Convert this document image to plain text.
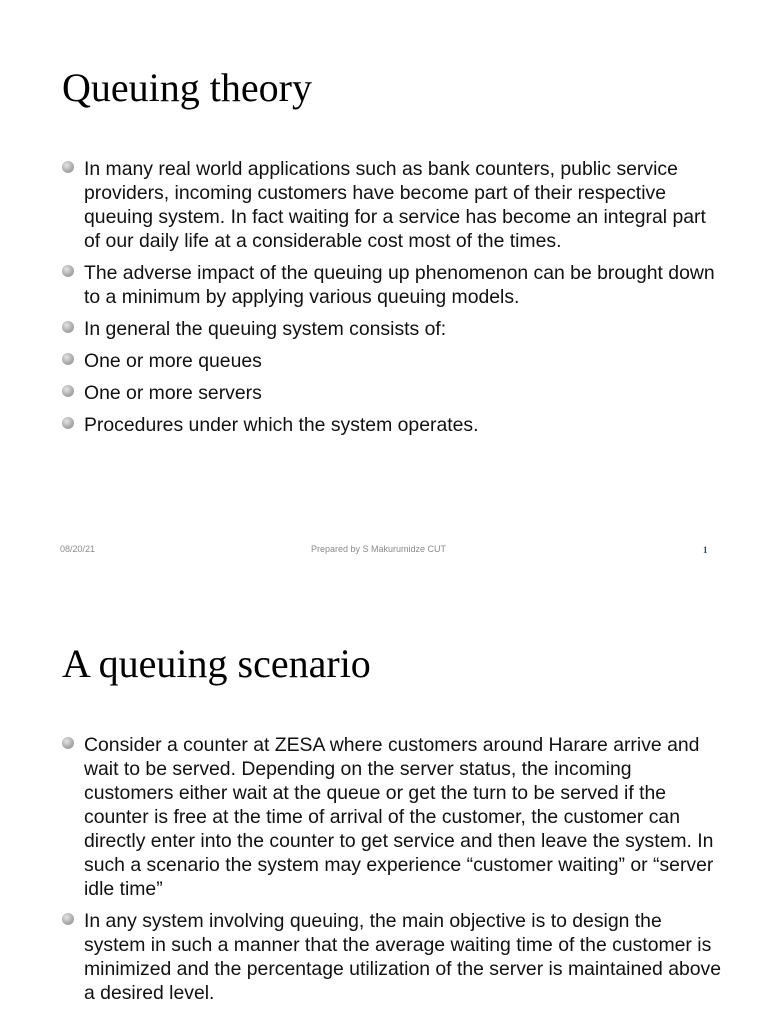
Queuing theory
In many real world applications such as bank counters, public service providers, incoming customers have become part of their respective queuing system. In fact waiting for a service has become an integral part of our daily life at a considerable cost most of the times.
The adverse impact of the queuing up phenomenon can be brought down to a minimum by applying various queuing models.
In general the queuing system consists of:
One or more queues
One or more servers
Procedures under which the system operates.
08/20/21	Prepared by S Makurumidze CUT	1
A queuing scenario
Consider a counter at ZESA where customers around Harare arrive and wait to be served. Depending on the server status, the incoming customers either wait at the queue or get the turn to be served if the counter is free at the time of arrival of the customer, the customer can directly enter into the counter to get service and then leave the system. In such a scenario the system may experience “customer waiting” or “server idle time”
In any system involving queuing, the main objective is to design the system in such a manner that the average waiting time of the customer is minimized and the percentage utilization of the server is maintained above a desired level.
